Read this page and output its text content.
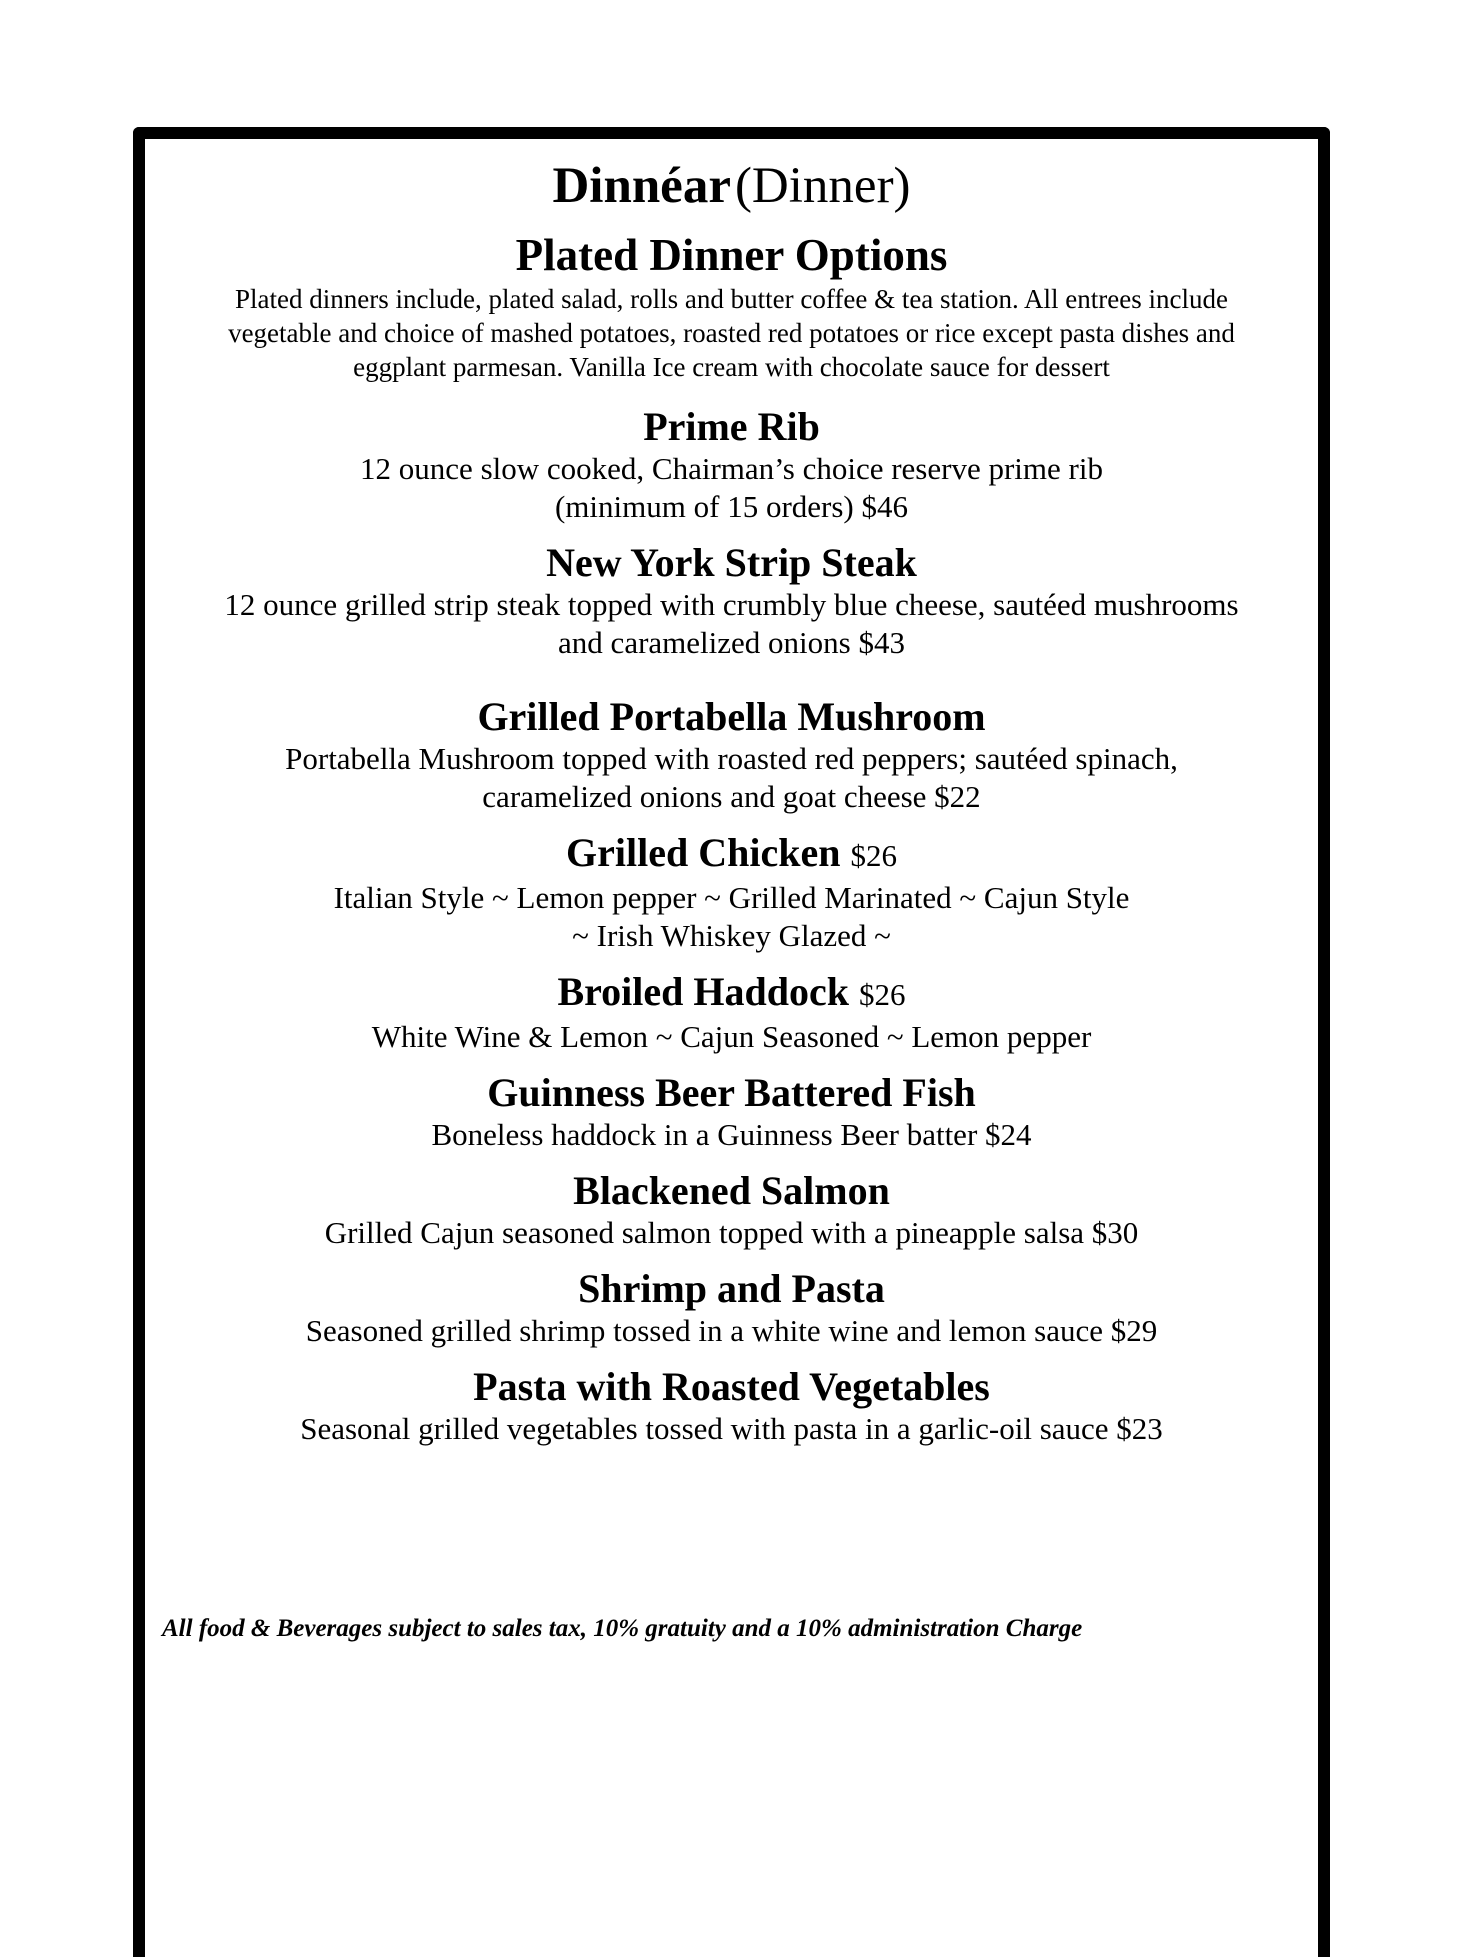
Dinnéar (Dinner)
Plated Dinner Options
Plated dinners include, plated salad, rolls and butter coffee & tea station. All entrees include
vegetable and choice of mashed potatoes, roasted red potatoes or rice except pasta dishes and
eggplant parmesan. Vanilla Ice cream with chocolate sauce for dessert
Prime Rib
12 ounce slow cooked, Chairman’s choice reserve prime rib
(minimum of 15 orders) $46
New York Strip Steak
12 ounce grilled strip steak topped with crumbly blue cheese, sautéed mushrooms
and caramelized onions $43
Grilled Portabella Mushroom
Portabella Mushroom topped with roasted red peppers; sautéed spinach,
caramelized onions and goat cheese $22
Grilled Chicken $26
Italian Style ~ Lemon pepper ~ Grilled Marinated ~ Cajun Style
~ Irish Whiskey Glazed ~
Broiled Haddock $26
White Wine & Lemon ~ Cajun Seasoned ~ Lemon pepper
Guinness Beer Battered Fish
Boneless haddock in a Guinness Beer batter $24
Blackened Salmon
Grilled Cajun seasoned salmon topped with a pineapple salsa $30
Shrimp and Pasta
Seasoned grilled shrimp tossed in a white wine and lemon sauce $29
Pasta with Roasted Vegetables
Seasonal grilled vegetables tossed with pasta in a garlic-oil sauce $23
All food & Beverages subject to sales tax, 10% gratuity and a 10% administration Charge
